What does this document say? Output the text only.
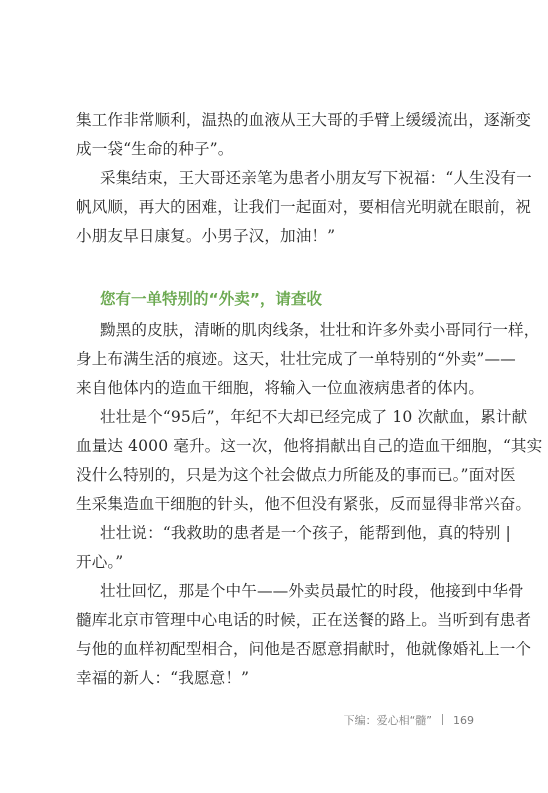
集工作非常顺利，温热的血液从王大哥的手臂上缓缓流出，逐渐变
成一袋“生命的种子”。
采集结束，王大哥还亲笔为患者小朋友写下祝福：“人生没有一
帆风顺，再大的困难，让我们一起面对，要相信光明就在眼前，祝
小朋友早日康复。小男子汉，加油！”
您有一单特别的“外卖”，请查收
黝黑的皮肤，清晰的肌肉线条，壮壮和许多外卖小哥同行一样，
身上布满生活的痕迹。这天，壮壮完成了一单特别的“外卖”——
来自他体内的造血干细胞，将输入一位血液病患者的体内。
壮壮是个“95后”，年纪不大却已经完成了 10 次献血，累计献
血量达 4000 毫升。这一次，他将捐献出自己的造血干细胞，“其实
没什么特别的，只是为这个社会做点力所能及的事而已。”面对医
生采集造血干细胞的针头，他不但没有紧张，反而显得非常兴奋。
壮壮说：“我救助的患者是一个孩子，能帮到他，真的特别 |
开心。”
壮壮回忆，那是个中午——外卖员最忙的时段，他接到中华骨
髓库北京市管理中心电话的时候，正在送餐的路上。当听到有患者
与他的血样初配型相合，问他是否愿意捐献时，他就像婚礼上一个
幸福的新人：“我愿意！”
下编：爱心相“髓” 169
